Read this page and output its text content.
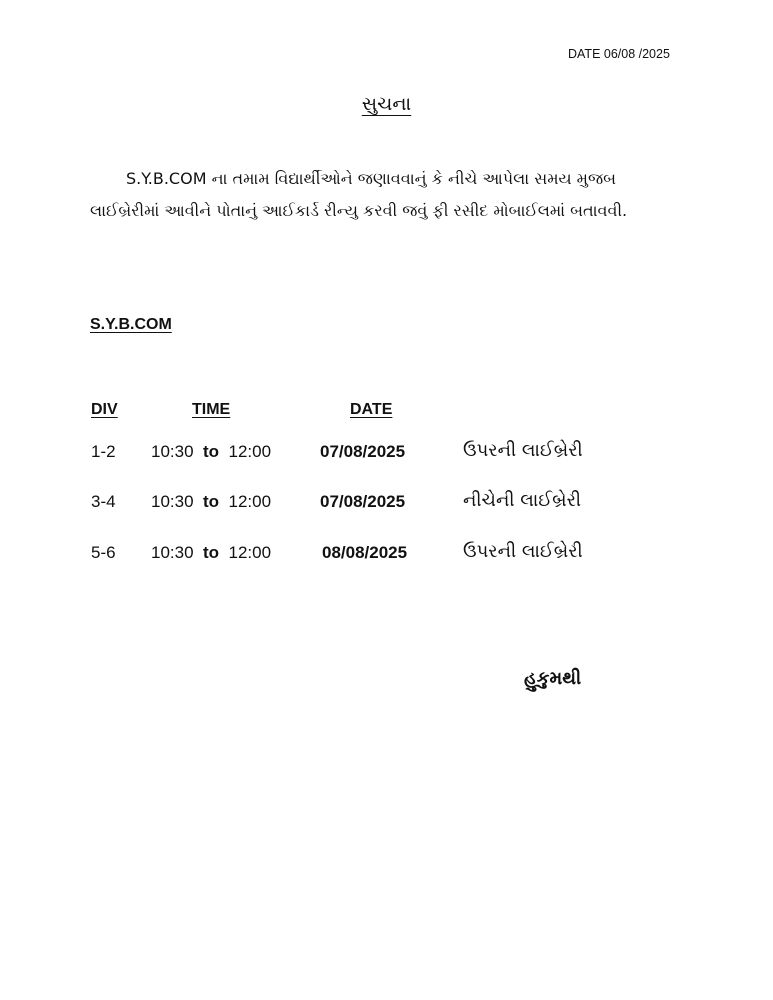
DATE 06/08 /2025
સુચના
S.Y.B.COM ના તમામ વિદ્યાર્થીઓને જણાવવાનું કે નીચે આપેલા સમય મુજબ લાઈબ્રેરીમાં આવીને પોતાનું આઈકાર્ડ રીન્યુ કરવી જવું ફી રસીદ મોબાઈલમાં બતાવવી.
S.Y.B.COM
DIV	TIME	DATE
1-2 10:30 to 12:00	07/08/2025	ઉપરની લાઈબ્રેરી
3-4 10:30 to 12:00	07/08/2025	નીચેની લાઈબ્રેરી
5-6 10:30 to 12:00	08/08/2025	ઉપરની લાઈબ્રેરી
હુકુમથી
